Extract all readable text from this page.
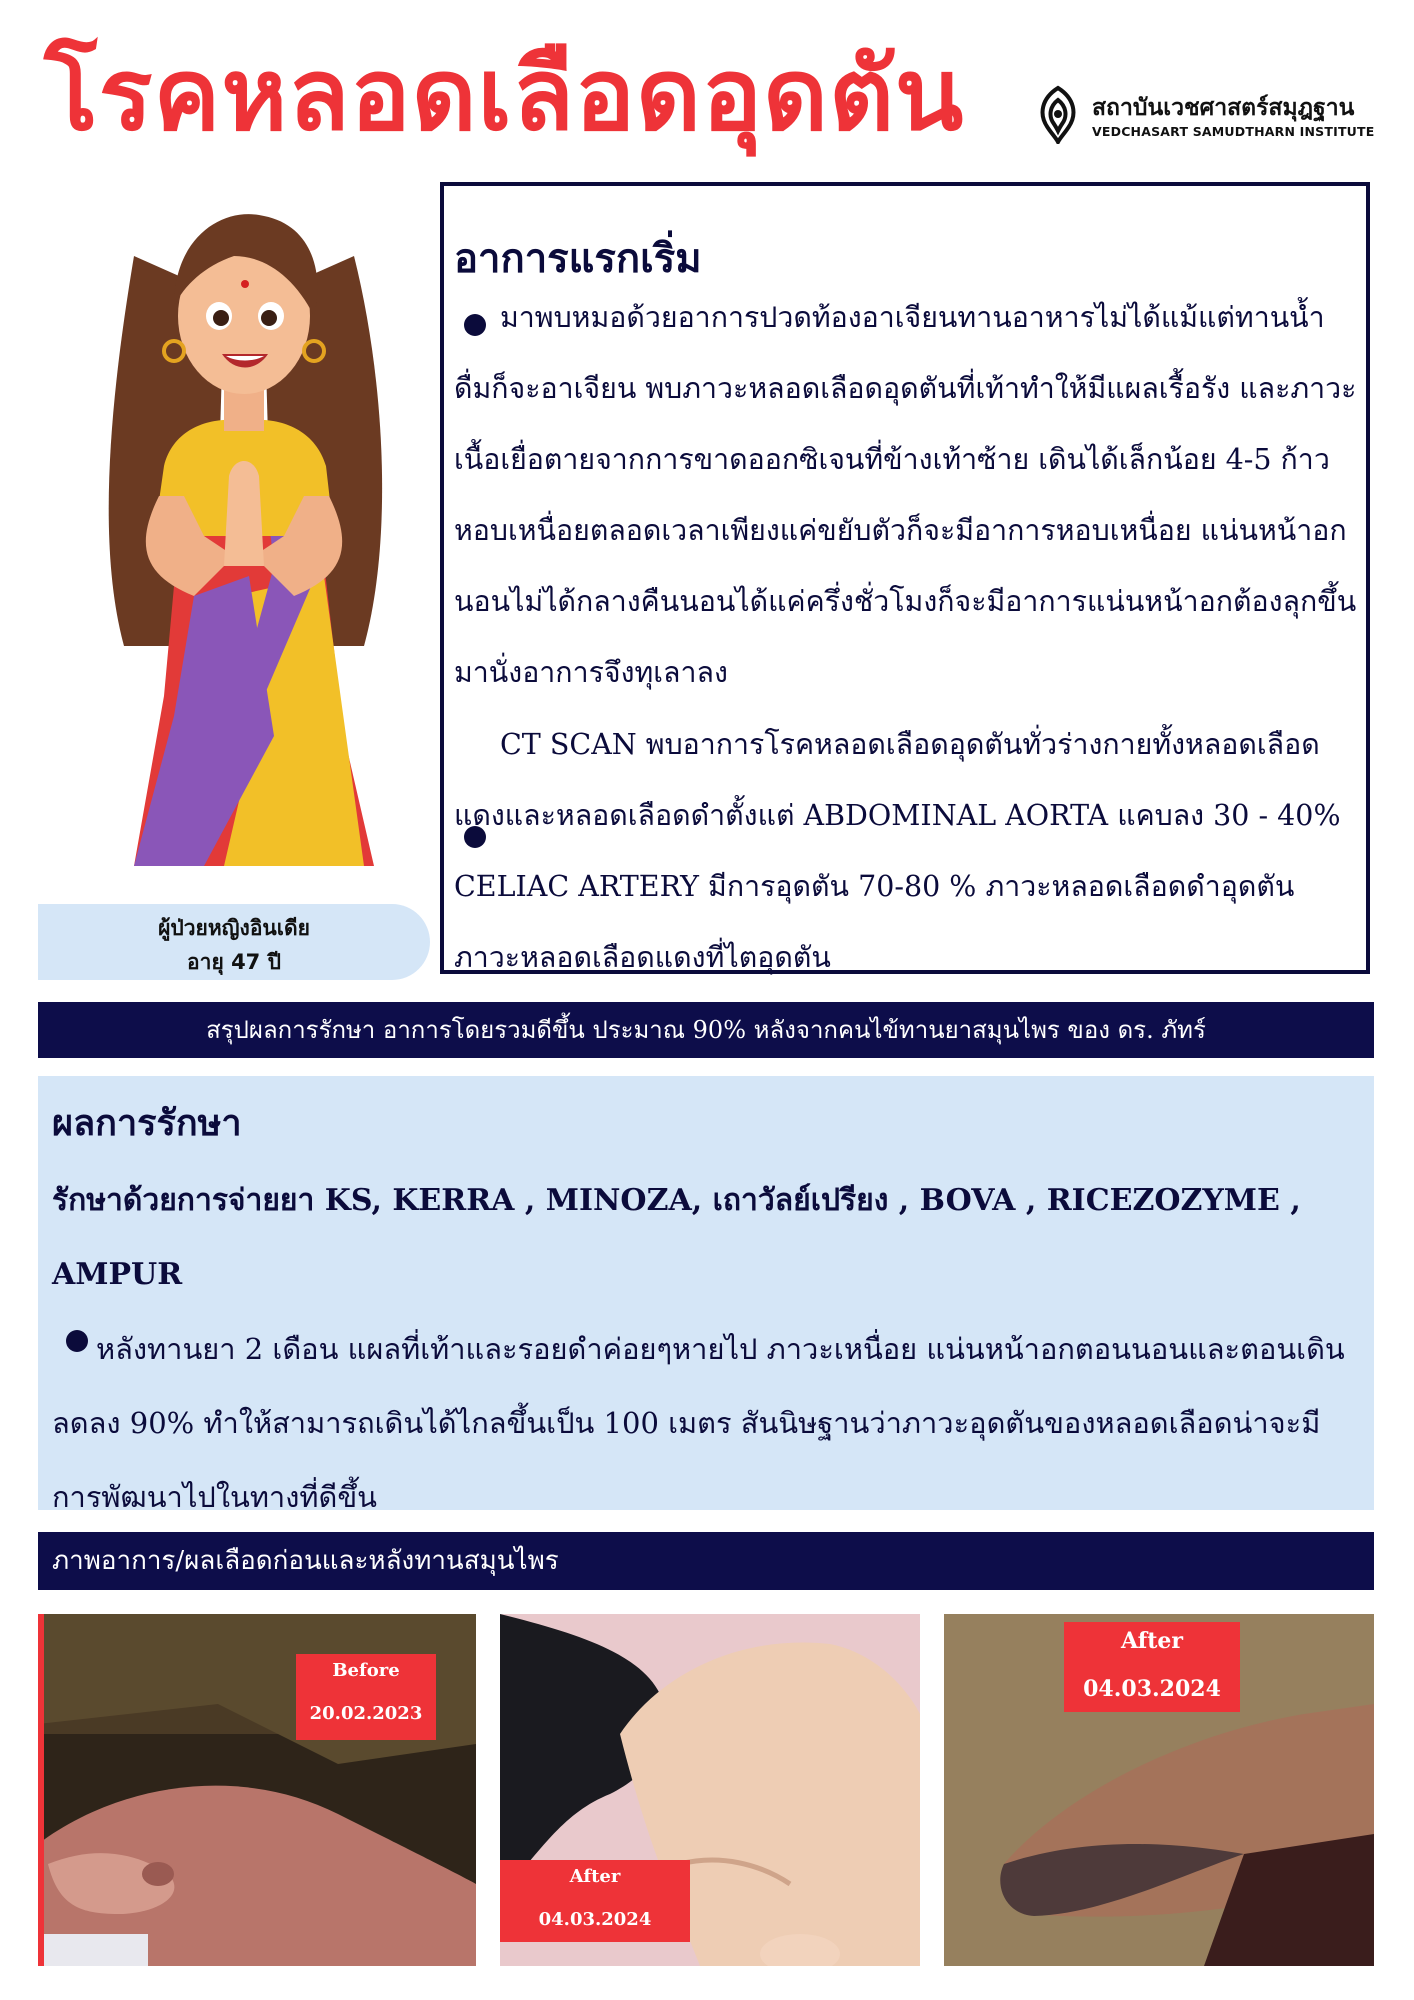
โรคหลอดเลือดอุดตัน	สถาบันเวชศาสตร์สมุฎฐาน
VEDCHASART SAMUDTHARN INSTITUTE
ผู้ป่วยหญิงอินเดีย
อายุ 47 ปี
อาการแรกเริ่ม
มาพบหมอด้วยอาการปวดท้องอาเจียนทานอาหารไม่ได้แม้แต่ทานน้ำดื่มก็จะอาเจียน พบภาวะหลอดเลือดอุดตันที่เท้าทำให้มีแผลเรื้อรัง และภาวะเนื้อเยื่อตายจากการขาดออกซิเจนที่ข้างเท้าซ้าย เดินได้เล็กน้อย 4-5 ก้าว หอบเหนื่อยตลอดเวลาเพียงแค่ขยับตัวก็จะมีอาการหอบเหนื่อย แน่นหน้าอก นอนไม่ได้กลางคืนนอนได้แค่ครึ่งชั่วโมงก็จะมีอาการแน่นหน้าอกต้องลุกขึ้นมานั่งอาการจึงทุเลาลง
CT SCAN พบอาการโรคหลอดเลือดอุดตันทั่วร่างกายทั้งหลอดเลือดแดงและหลอดเลือดดำตั้งแต่ ABDOMINAL AORTA แคบลง 30 - 40% CELIAC ARTERY มีการอุดตัน 70-80 % ภาวะหลอดเลือดดำอุดตัน ภาวะหลอดเลือดแดงที่ไตอุดตัน
สรุปผลการรักษา อาการโดยรวมดีขึ้น ประมาณ 90% หลังจากคนไข้ทานยาสมุนไพร ของ ดร. ภัทร์
ผลการรักษา
รักษาด้วยการจ่ายยา KS, KERRA , MINOZA, เถาวัลย์เปรียง , BOVA , RICEZOZYME , AMPUR
หลังทานยา 2 เดือน แผลที่เท้าและรอยดำค่อยๆหายไป ภาวะเหนื่อย แน่นหน้าอกตอนนอนและตอนเดินลดลง 90% ทำให้สามารถเดินได้ไกลขึ้นเป็น 100 เมตร สันนิษฐานว่าภาวะอุดตันของหลอดเลือดน่าจะมีการพัฒนาไปในทางที่ดีขึ้น
ภาพอาการ/ผลเลือดก่อนและหลังทานสมุนไพร
Before
20.02.2023
After
04.03.2024
After
04.03.2024
